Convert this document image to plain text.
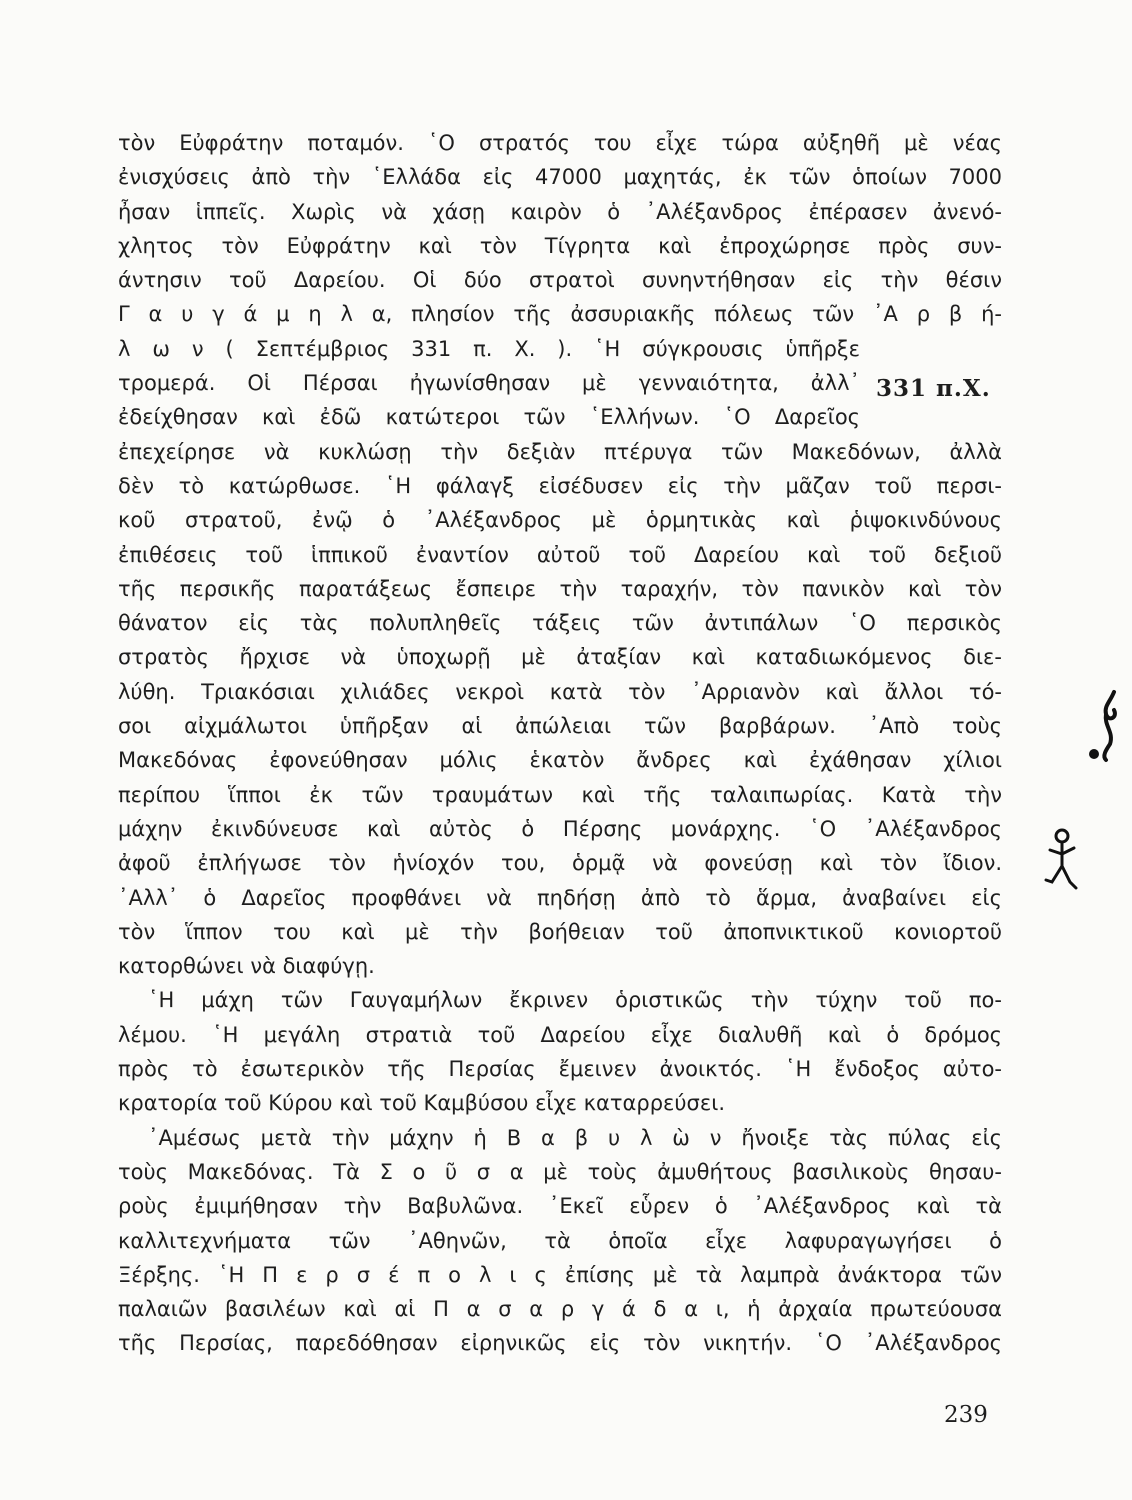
τὸν Εὐφράτην ποταμόν. ῾Ο στρατός του εἶχε τώρα αὐξηθῆ μὲ νέας
ἐνισχύσεις ἀπὸ τὴν ῾Ελλάδα εἰς 47000 μαχητάς, ἐκ τῶν ὁποίων 7000
ἦσαν ἱππεῖς. Χωρὶς νὰ χάσῃ καιρὸν ὁ ᾿Αλέξανδρος ἐπέρασεν ἀνενό-
χλητος τὸν Εὐφράτην καὶ τὸν Τίγρητα καὶ ἐπροχώρησε πρὸς συν-
άντησιν τοῦ Δαρείου. Οἱ δύο στρατοὶ συνηντήθησαν εἰς τὴν θέσιν
Γ α υ γ ά μ η λ α, πλησίον τῆς ἀσσυριακῆς πόλεως τῶν ᾿Α ρ β ή-
λ ω ν ( Σεπτέμβριος 331 π. Χ. ). ῾Η σύγκρουσις ὑπῆρξε
τρομερά. Οἱ Πέρσαι ἠγωνίσθησαν μὲ γενναιότητα, ἀλλ᾿
ἐδείχθησαν καὶ ἐδῶ κατώτεροι τῶν ῾Ελλήνων. ῾Ο Δαρεῖος
ἐπεχείρησε νὰ κυκλώσῃ τὴν δεξιὰν πτέρυγα τῶν Μακεδόνων, ἀλλὰ
δὲν τὸ κατώρθωσε. ῾Η φάλαγξ εἰσέδυσεν εἰς τὴν μᾶζαν τοῦ περσι-
κοῦ στρατοῦ, ἐνῷ ὁ ᾿Αλέξανδρος μὲ ὁρμητικὰς καὶ ῥιψοκινδύνους
ἐπιθέσεις τοῦ ἱππικοῦ ἐναντίον αὐτοῦ τοῦ Δαρείου καὶ τοῦ δεξιοῦ
τῆς περσικῆς παρατάξεως ἔσπειρε τὴν ταραχήν, τὸν πανικὸν καὶ τὸν
θάνατον εἰς τὰς πολυπληθεῖς τάξεις τῶν ἀντιπάλων ῾Ο περσικὸς
στρατὸς ἤρχισε νὰ ὑποχωρῇ μὲ ἀταξίαν καὶ καταδιωκόμενος διε-
λύθη. Τριακόσιαι χιλιάδες νεκροὶ κατὰ τὸν ᾿Αρριανὸν καὶ ἄλλοι τό-
σοι αἰχμάλωτοι ὑπῆρξαν αἱ ἀπώλειαι τῶν βαρβάρων. ᾿Απὸ τοὺς
Μακεδόνας ἐφονεύθησαν μόλις ἑκατὸν ἄνδρες καὶ ἐχάθησαν χίλιοι
περίπου ἵπποι ἐκ τῶν τραυμάτων καὶ τῆς ταλαιπωρίας. Κατὰ τὴν
μάχην ἐκινδύνευσε καὶ αὐτὸς ὁ Πέρσης μονάρχης. ῾Ο ᾿Αλέξανδρος
ἀφοῦ ἐπλήγωσε τὸν ἡνίοχόν του, ὁρμᾷ νὰ φονεύσῃ καὶ τὸν ἴδιον.
᾿Αλλ᾿ ὁ Δαρεῖος προφθάνει νὰ πηδήσῃ ἀπὸ τὸ ἅρμα, ἀναβαίνει εἰς
τὸν ἵππον του καὶ μὲ τὴν βοήθειαν τοῦ ἀποπνικτικοῦ κονιορτοῦ
κατορθώνει νὰ διαφύγῃ.
῾Η μάχη τῶν Γαυγαμήλων ἔκρινεν ὁριστικῶς τὴν τύχην τοῦ πο-
λέμου. ῾Η μεγάλη στρατιὰ τοῦ Δαρείου εἶχε διαλυθῆ καὶ ὁ δρόμος
πρὸς τὸ ἐσωτερικὸν τῆς Περσίας ἔμεινεν ἀνοικτός. ῾Η ἔνδοξος αὐτο-
κρατορία τοῦ Κύρου καὶ τοῦ Καμβύσου εἶχε καταρρεύσει.
᾿Αμέσως μετὰ τὴν μάχην ἡ Β α β υ λ ὼ ν ἤνοιξε τὰς πύλας εἰς
τοὺς Μακεδόνας. Τὰ Σ ο ῦ σ α μὲ τοὺς ἀμυθήτους βασιλικοὺς θησαυ-
ροὺς ἐμιμήθησαν τὴν Βαβυλῶνα. ᾿Εκεῖ εὗρεν ὁ ᾿Αλέξανδρος καὶ τὰ
καλλιτεχνήματα τῶν ᾿Αθηνῶν, τὰ ὁποῖα εἶχε λαφυραγωγήσει ὁ
Ξέρξης. ῾Η Π ε ρ σ έ π ο λ ι ς ἐπίσης μὲ τὰ λαμπρὰ ἀνάκτορα τῶν
παλαιῶν βασιλέων καὶ αἱ Π α σ α ρ γ ά δ α ι, ἡ ἀρχαία πρωτεύουσα
τῆς Περσίας, παρεδόθησαν εἰρηνικῶς εἰς τὸν νικητήν. ῾Ο ᾿Αλέξανδρος
331 π.Χ.
239
